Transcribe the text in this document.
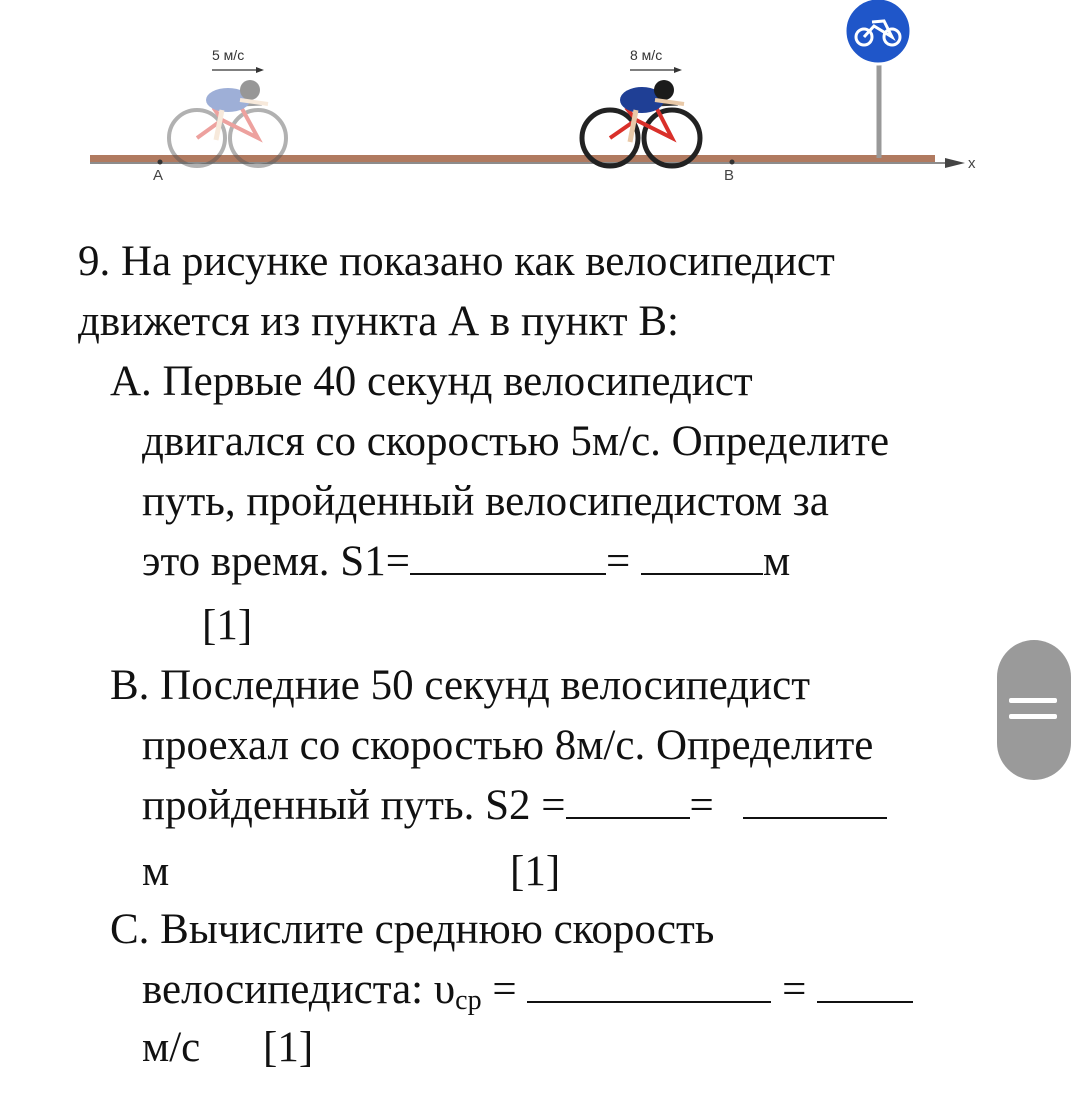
x
A	B
5 м/с	8 м/с
9. На рисунке показано как велосипедист
движется из пункта А в пункт В:
A. Первые 40 секунд велосипедист
двигался со скоростью 5м/с. Определите
путь, пройденный велосипедистом за
это время. S1=	=	м
[1]
B. Последние 50 секунд велосипедист
проехал со скоростью 8м/с. Определите
пройденный путь. S2 =	=
м	[1]
C. Вычислите среднюю скорость
велосипедиста: $\upsilon_{ср}$ =	=
м/с [1]
